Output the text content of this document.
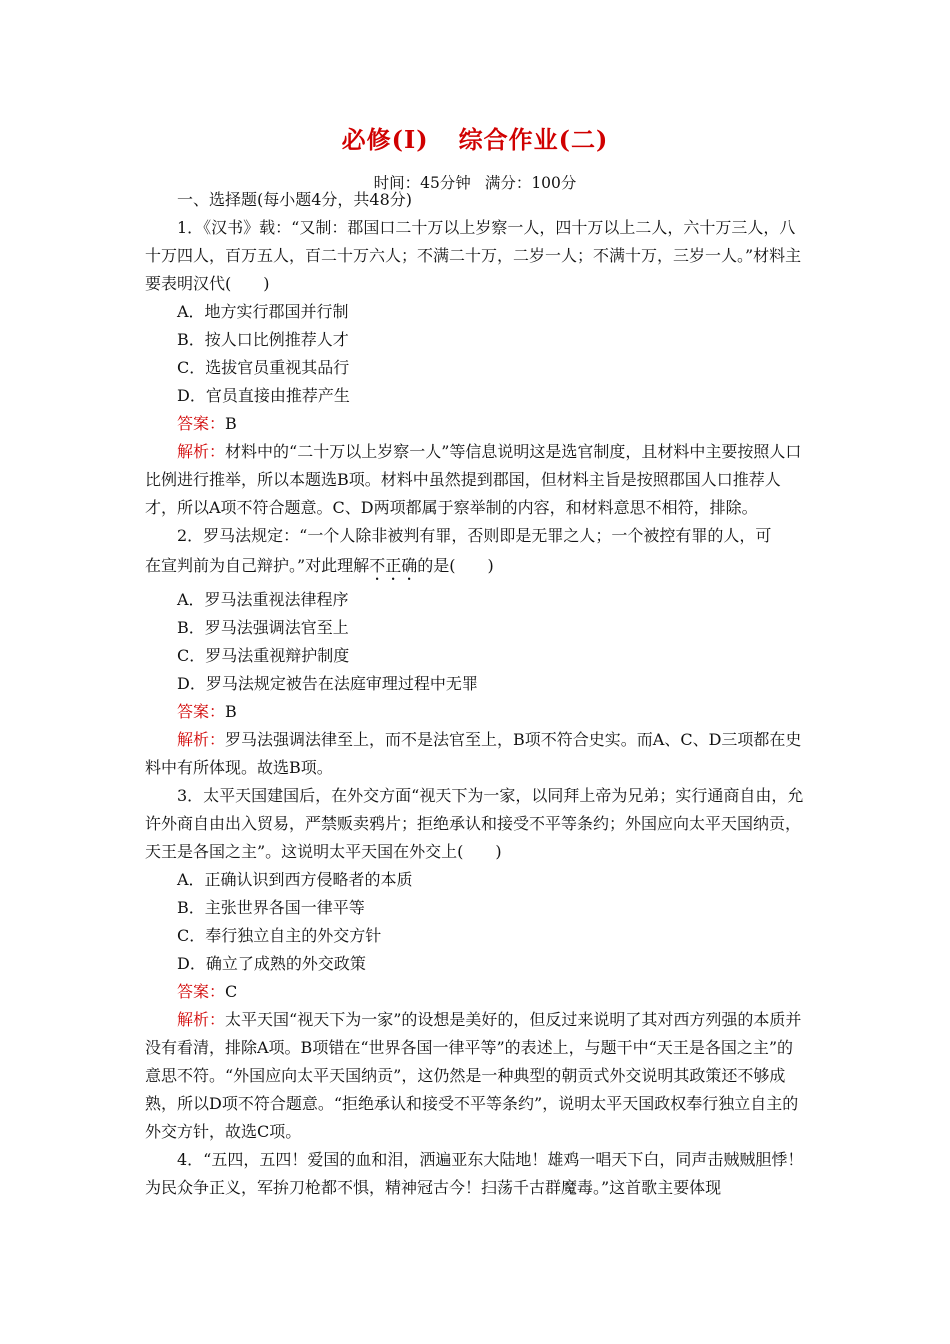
必修(Ⅰ) 综合作业(二)
时间：45分钟 满分：100分

一、选择题(每小题4分，共48分)

1．《汉书》载：“又制：郡国口二十万以上岁察一人，四十万以上二人，六十万三人，八十万四人，百万五人，百二十万六人；不满二十万，二岁一人；不满十万，三岁一人。”材料主要表明汉代(　　)

A．地方实行郡国并行制

B．按人口比例推荐人才

C．选拔官员重视其品行

D．官员直接由推荐产生

答案：B

解析：材料中的“二十万以上岁察一人”等信息说明这是选官制度，且材料中主要按照人口比例进行推举，所以本题选B项。材料中虽然提到郡国，但材料主旨是按照郡国人口推荐人才，所以A项不符合题意。C、D两项都属于察举制的内容，和材料意思不相符，排除。

2．罗马法规定：“一个人除非被判有罪，否则即是无罪之人；一个被控有罪的人，可

在宣判前为自己辩护。”对此理解不正确的是(　　)

A．罗马法重视法律程序

B．罗马法强调法官至上

C．罗马法重视辩护制度

D．罗马法规定被告在法庭审理过程中无罪

答案：B

解析：罗马法强调法律至上，而不是法官至上，B项不符合史实。而A、C、D三项都在史料中有所体现。故选B项。

3．太平天国建国后，在外交方面“视天下为一家，以同拜上帝为兄弟；实行通商自由，允许外商自由出入贸易，严禁贩卖鸦片；拒绝承认和接受不平等条约；外国应向太平天国纳贡，天王是各国之主”。这说明太平天国在外交上(　　)

A．正确认识到西方侵略者的本质

B．主张世界各国一律平等

C．奉行独立自主的外交方针

D．确立了成熟的外交政策

答案：C

解析：太平天国“视天下为一家”的设想是美好的，但反过来说明了其对西方列强的本质并没有看清，排除A项。B项错在“世界各国一律平等”的表述上，与题干中“天王是各国之主”的意思不符。“外国应向太平天国纳贡”，这仍然是一种典型的朝贡式外交说明其政策还不够成熟，所以D项不符合题意。“拒绝承认和接受不平等条约”，说明太平天国政权奉行独立自主的外交方针，故选C项。

4．“五四，五四！爱国的血和泪，洒遍亚东大陆地！雄鸡一唱天下白，同声击贼贼胆悸！为民众争正义，军拚刀枪都不惧，精神冠古今！扫荡千古群魔毒。”这首歌主要体现
